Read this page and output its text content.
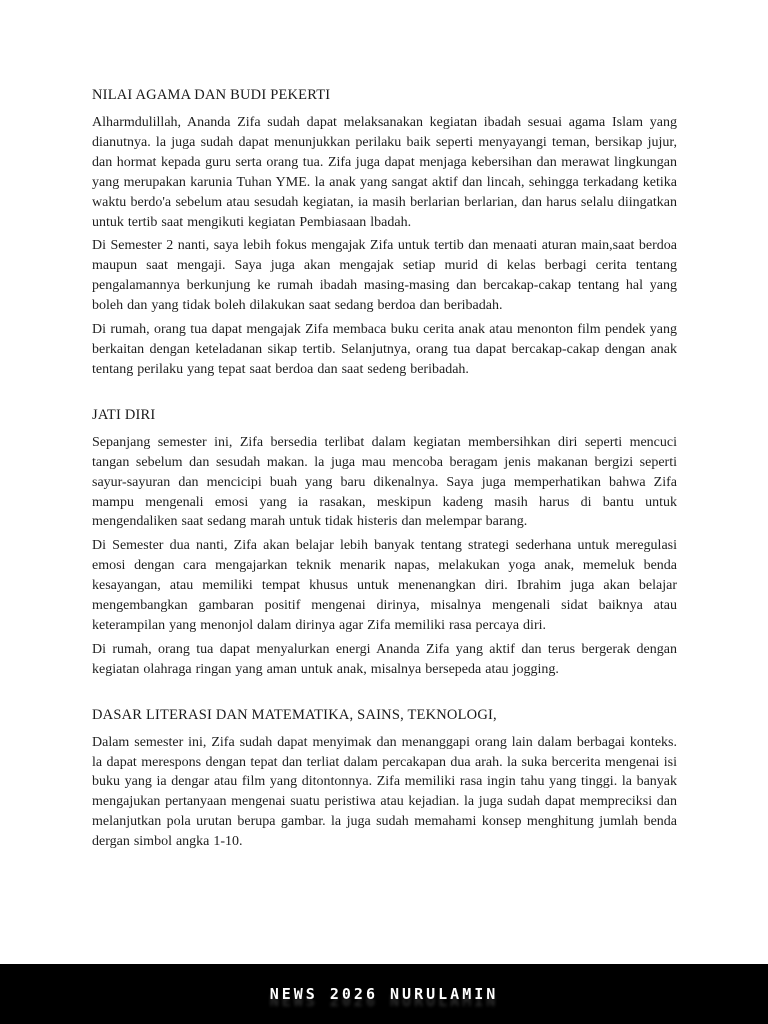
NILAI AGAMA DAN BUDI PEKERTI

Alharmdulillah, Ananda Zifa sudah dapat melaksanakan kegiatan ibadah sesuai agama Islam yang dianutnya. la juga sudah dapat menunjukkan perilaku baik seperti menyayangi teman, bersikap jujur, dan hormat kepada guru serta orang tua. Zifa juga dapat menjaga kebersihan dan merawat lingkungan yang merupakan karunia Tuhan YME. la anak yang sangat aktif dan lincah, sehingga terkadang ketika waktu berdo'a sebelum atau sesudah kegiatan, ia masih berlarian berlarian, dan harus selalu diingatkan untuk tertib saat mengikuti kegiatan Pembiasaan lbadah.

Di Semester 2 nanti, saya lebih fokus mengajak Zifa untuk tertib dan menaati aturan main,saat berdoa maupun saat mengaji. Saya juga akan mengajak setiap murid di kelas berbagi cerita tentang pengalamannya berkunjung ke rumah ibadah masing-masing dan bercakap-cakap tentang hal yang boleh dan yang tidak boleh dilakukan saat sedang berdoa dan beribadah.

Di rumah, orang tua dapat mengajak Zifa membaca buku cerita anak atau menonton film pendek yang berkaitan dengan keteladanan sikap tertib. Selanjutnya, orang tua dapat bercakap-cakap dengan anak tentang perilaku yang tepat saat berdoa dan saat sedeng beribadah.

JATI DIRI

Sepanjang semester ini, Zifa bersedia terlibat dalam kegiatan membersihkan diri seperti mencuci tangan sebelum dan sesudah makan. la juga mau mencoba beragam jenis makanan bergizi seperti sayur-sayuran dan mencicipi buah yang baru dikenalnya. Saya juga memperhatikan bahwa Zifa mampu mengenali emosi yang ia rasakan, meskipun kadeng masih harus di bantu untuk mengendaliken saat sedang marah untuk tidak histeris dan melempar barang.

Di Semester dua nanti, Zifa akan belajar lebih banyak tentang strategi sederhana untuk meregulasi emosi dengan cara mengajarkan teknik menarik napas, melakukan yoga anak, memeluk benda kesayangan, atau memiliki tempat khusus untuk menenangkan diri. Ibrahim juga akan belajar mengembangkan gambaran positif mengenai dirinya, misalnya mengenali sidat baiknya atau keterampilan yang menonjol dalam dirinya agar Zifa memiliki rasa percaya diri.

Di rumah, orang tua dapat menyalurkan energi Ananda Zifa yang aktif dan terus bergerak dengan kegiatan olahraga ringan yang aman untuk anak, misalnya bersepeda atau jogging.

DASAR LITERASI DAN MATEMATIKA, SAINS, TEKNOLOGI,

Dalam semester ini, Zifa sudah dapat menyimak dan menanggapi orang lain dalam berbagai konteks. la dapat merespons dengan tepat dan terliat dalam percakapan dua arah. la suka bercerita mengenai isi buku yang ia dengar atau film yang ditontonnya. Zifa memiliki rasa ingin tahu yang tinggi. la banyak mengajukan pertanyaan mengenai suatu peristiwa atau kejadian. la juga sudah dapat mempreciksi dan melanjutkan pola urutan berupa gambar. la juga sudah memahami konsep menghitung jumlah benda dergan simbol angka 1-10.

NEWS 2026 NURULAMIN
